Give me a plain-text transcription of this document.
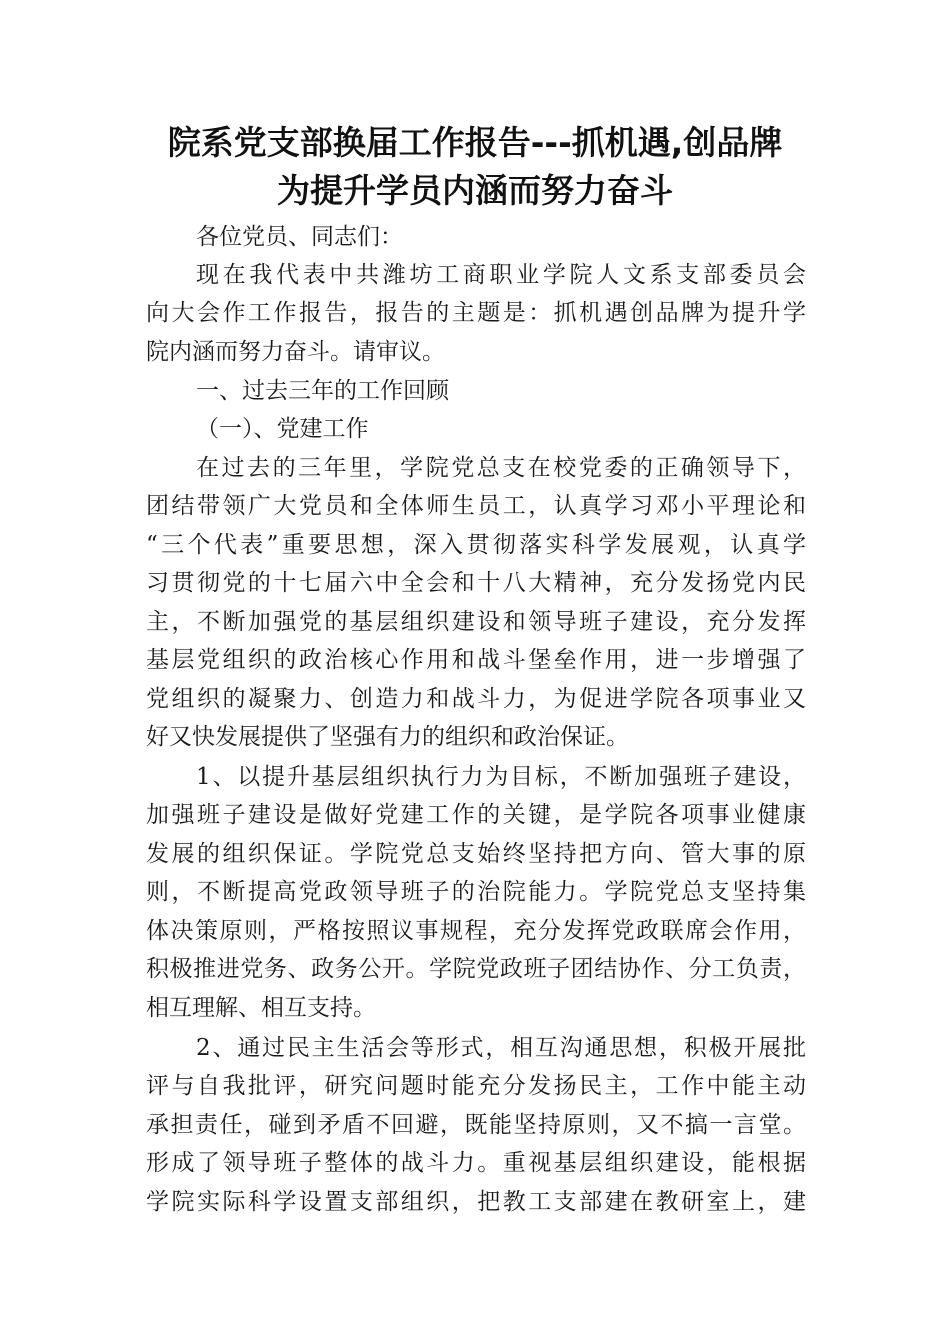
院系党支部换届工作报告---抓机遇,创品牌
为提升学员内涵而努力奋斗
各位党员、同志们：
现在我代表中共潍坊工商职业学院人文系支部委员会
向大会作工作报告，报告的主题是：抓机遇创品牌为提升学
院内涵而努力奋斗。请审议。
一、过去三年的工作回顾
（一）、党建工作
在过去的三年里，学院党总支在校党委的正确领导下，
团结带领广大党员和全体师生员工，认真学习邓小平理论和
“三个代表”重要思想，深入贯彻落实科学发展观，认真学
习贯彻党的十七届六中全会和十八大精神，充分发扬党内民
主，不断加强党的基层组织建设和领导班子建设，充分发挥
基层党组织的政治核心作用和战斗堡垒作用，进一步增强了
党组织的凝聚力、创造力和战斗力，为促进学院各项事业又
好又快发展提供了坚强有力的组织和政治保证。
1、以提升基层组织执行力为目标，不断加强班子建设，
加强班子建设是做好党建工作的关键，是学院各项事业健康
发展的组织保证。学院党总支始终坚持把方向、管大事的原
则，不断提高党政领导班子的治院能力。学院党总支坚持集
体决策原则，严格按照议事规程，充分发挥党政联席会作用，
积极推进党务、政务公开。学院党政班子团结协作、分工负责，
相互理解、相互支持。
2、通过民主生活会等形式，相互沟通思想，积极开展批
评与自我批评，研究问题时能充分发扬民主，工作中能主动
承担责任，碰到矛盾不回避，既能坚持原则，又不搞一言堂。
形成了领导班子整体的战斗力。重视基层组织建设，能根据
学院实际科学设置支部组织，把教工支部建在教研室上，建
